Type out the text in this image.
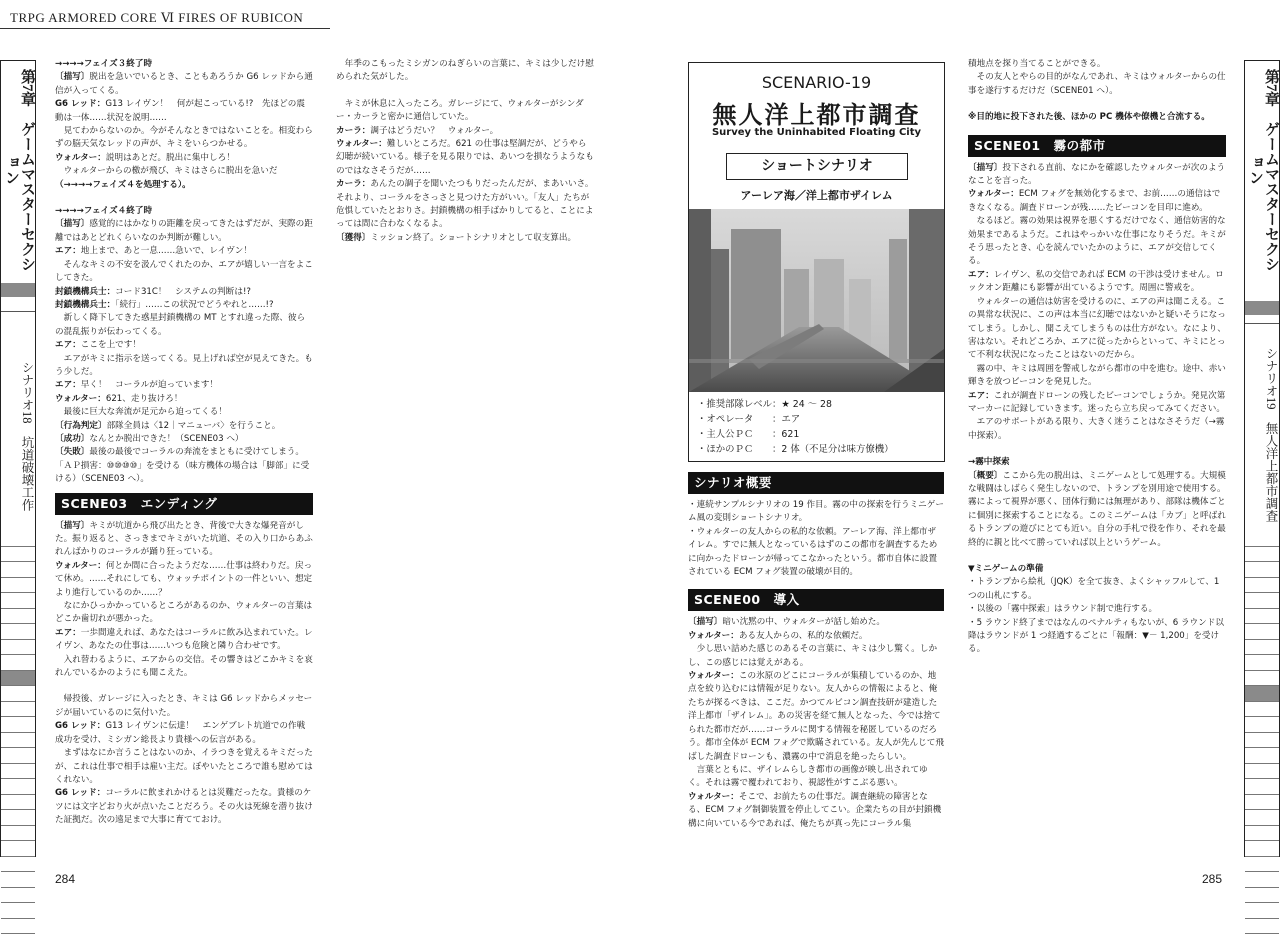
TRPG ARMORED CORE Ⅵ FIRES OF RUBICON
第7章　ゲームマスターセクション
シナリオ18　坑道破壊工作

→→→→フェイズ３終了時

〔描写〕脱出を急いでいるとき、こともあろうか G6 レッドから通信が入ってくる。

G6 レッド：G13 レイヴン！　何が起こっている!?　先ほどの震動は一体……状況を説明……

見てわからないのか。今がそんなときではないことを。相変わらずの脳天気なレッドの声が、キミをいらつかせる。

ウォルター：説明はあとだ。脱出に集中しろ！

ウォルターからの檄が飛び、キミはさらに脱出を急いだ

（→→→→フェイズ４を処理する）。

→→→→フェイズ４終了時

〔描写〕感覚的にはかなりの距離を戻ってきたはずだが、実際の距離ではあとどれくらいなのか判断が難しい。

エア：地上まで、あと一息……急いで、レイヴン！

そんなキミの不安を汲んでくれたのか、エアが嬉しい一言をよこしてきた。

封鎖機構兵士：コード31C！　システムの判断は!?

封鎖機構兵士：「続行」……この状況でどうやれと……!?

新しく降下してきた惑星封鎖機構の MT とすれ違った際、彼らの混乱振りが伝わってくる。

エア：ここを上です！

エアがキミに指示を送ってくる。見上げれば空が見えてきた。もう少しだ。

エア：早く！　コーラルが迫っています！

ウォルター：621、走り抜けろ！

最後に巨大な奔流が足元から迫ってくる！

〔行為判定〕部隊全員は〈12｜マニューバ〉を行うこと。

〔成功〕なんとか脱出できた！（SCENE03 へ）

〔失敗〕最後の最後でコーラルの奔流をまともに受けてしまう。「ＡＰ損害：⑩⑩⑩⑩」を受ける（味方機体の場合は「脚部」に受ける）（SCENE03 へ）。

SCENE03　エンディング

〔描写〕キミが坑道から飛び出たとき、背後で大きな爆発音がした。振り返ると、さっきまでキミがいた坑道、その入り口からあふれんばかりのコーラルが踊り狂っている。

ウォルター：何とか間に合ったようだな……仕事は終わりだ。戻って休め。……それにしても、ウォッチポイントの一件といい、想定より進行しているのか……？

なにかひっかかっているところがあるのか、ウォルターの言葉はどこか歯切れが悪かった。

エア：一歩間違えれば、あなたはコーラルに飲み込まれていた。レイヴン、あなたの仕事は……いつも危険と隣り合わせです。

入れ替わるように、エアからの交信。その響きはどこかキミを哀れんでいるかのようにも聞こえた。

帰投後、ガレージに入ったとき、キミは G6 レッドからメッセージが届いているのに気付いた。

G6 レッド：G13 レイヴンに伝達！　エンゲブレト坑道での作戦成功を受け、ミシガン総長より貴様への伝言がある。

まずはなにか言うことはないのか、イラつきを覚えるキミだったが、これは仕事で相手は雇い主だ。ぼやいたところで誰も慰めてはくれない。

G6 レッド：コーラルに飲まれかけるとは災難だったな。貴様のケツには文字どおり火が点いたことだろう。その火は死線を潜り抜けた証拠だ。次の遠足まで大事に育てておけ。

年季のこもったミシガンのねぎらいの言葉に、キミは少しだけ慰められた気がした。

キミが休息に入ったころ。ガレージにて、ウォルターがシンダー・カーラと密かに通信していた。

カーラ：調子はどうだい？　ウォルター。

ウォルター：難しいところだ。621 の仕事は堅調だが、どうやら幻聴が続いている。様子を見る限りでは、あいつを損なうようなものではなさそうだが……

カーラ：あんたの調子を聞いたつもりだったんだが、まあいいさ。それより、コーラルをさっさと見つけた方がいい。「友人」たちが危惧していたとおりさ。封鎖機構の相手ばかりしてると、ことによっては間に合わなくなるよ。

〔獲得〕ミッション終了。ショートシナリオとして収支算出。

284	285
SCENARIO-19
無人洋上都市調査
Survey the Uninhabited Floating City
ショートシナリオ
アーレア海／洋上都市ザイレム
・推奨部隊レベル：★ 24 ～ 28
・オペレータ　　：エア
・主人公ＰＣ　　：621
・ほかのＰＣ　　：2 体（不足分は味方僚機）
シナリオ概要

・連続サンプルシナリオの 19 作目。霧の中の探索を行うミニゲーム風の変則ショートシナリオ。

・ウォルターの友人からの私的な依頼。アーレア海、洋上都市ザイレム。すでに無人となっているはずのこの都市を調査するために向かったドローンが帰ってこなかったという。都市自体に設置されている ECM フォグ装置の破壊が目的。

SCENE00　導入

〔描写〕暗い沈黙の中、ウォルターが話し始めた。

ウォルター：ある友人からの、私的な依頼だ。

少し思い詰めた感じのあるその言葉に、キミは少し驚く。しかし、この感じには覚えがある。

ウォルター：この氷原のどこにコーラルが集積しているのか、地点を絞り込むには情報が足りない。友人からの情報によると、俺たちが探るべきは、ここだ。かつてルビコン調査技研が建造した洋上都市「ザイレム」。あの災害を経て無人となった、今では捨てられた都市だが……コーラルに関する情報を秘匿しているのだろう。都市全体が ECM フォグで欺瞞されている。友人が先んじて飛ばした調査ドローンも、濃霧の中で消息を絶ったらしい。

言葉とともに、ザイレムらしき都市の画像が映し出されてゆく。それは霧で覆われており、視認性がすこぶる悪い。

ウォルター：そこで、お前たちの仕事だ。調査継続の障害となる、ECM フォグ制御装置を停止してこい。企業たちの目が封鎖機構に向いている今であれば、俺たちが真っ先にコーラル集

積地点を探り当てることができる。

その友人とやらの目的がなんであれ、キミはウォルターからの仕事を遂行するだけだ（SCENE01 へ）。

※目的地に投下された後、ほかの PC 機体や僚機と合流する。

SCENE01　霧の都市

〔描写〕投下される直前、なにかを確認したウォルターが次のようなことを言った。

ウォルター：ECM フォグを無効化するまで、お前……の通信はできなくなる。調査ドローンが残……たビーコンを目印に進め。

なるほど。霧の効果は視界を悪くするだけでなく、通信妨害的な効果まであるようだ。これはやっかいな仕事になりそうだ。キミがそう思ったとき、心を読んでいたかのように、エアが交信してくる。

エア：レイヴン、私の交信であれば ECM の干渉は受けません。ロックオン距離にも影響が出ているようです。周囲に警戒を。

ウォルターの通信は妨害を受けるのに、エアの声は聞こえる。この異常な状況に、この声は本当に幻聴ではないかと疑いそうになってしまう。しかし、聞こえてしまうものは仕方がない。なにより、害はない。それどころか、エアに従ったからといって、キミにとって不利な状況になったことはないのだから。

霧の中、キミは周囲を警戒しながら都市の中を進む。途中、赤い輝きを放つビーコンを発見した。

エア：これが調査ドローンの残したビーコンでしょうか。発見次第マーカーに記録していきます。迷ったら立ち戻ってみてください。

エアのサポートがある限り、大きく迷うことはなさそうだ（→霧中探索）。

→霧中探索

〔概要〕ここから先の脱出は、ミニゲームとして処理する。大規模な戦闘はしばらく発生しないので、トランプを別用途で使用する。霧によって視界が悪く、団体行動には無理があり、部隊は機体ごとに個別に探索することになる。このミニゲームは「カブ」と呼ばれるトランプの遊びにとても近い。自分の手札で役を作り、それを最終的に親と比べて勝っていれば以上というゲーム。

▼ミニゲームの準備

・トランプから絵札（JQK）を全て抜き、よくシャッフルして、1 つの山札にする。

・以後の「霧中探索」はラウンド制で進行する。

・5 ラウンド終了まではなんのペナルティもないが、6 ラウンド以降はラウンドが 1 つ経過するごとに「報酬：▼－ 1,200」を受ける。

第7章　ゲームマスターセクション
シナリオ19　無人洋上都市調査
